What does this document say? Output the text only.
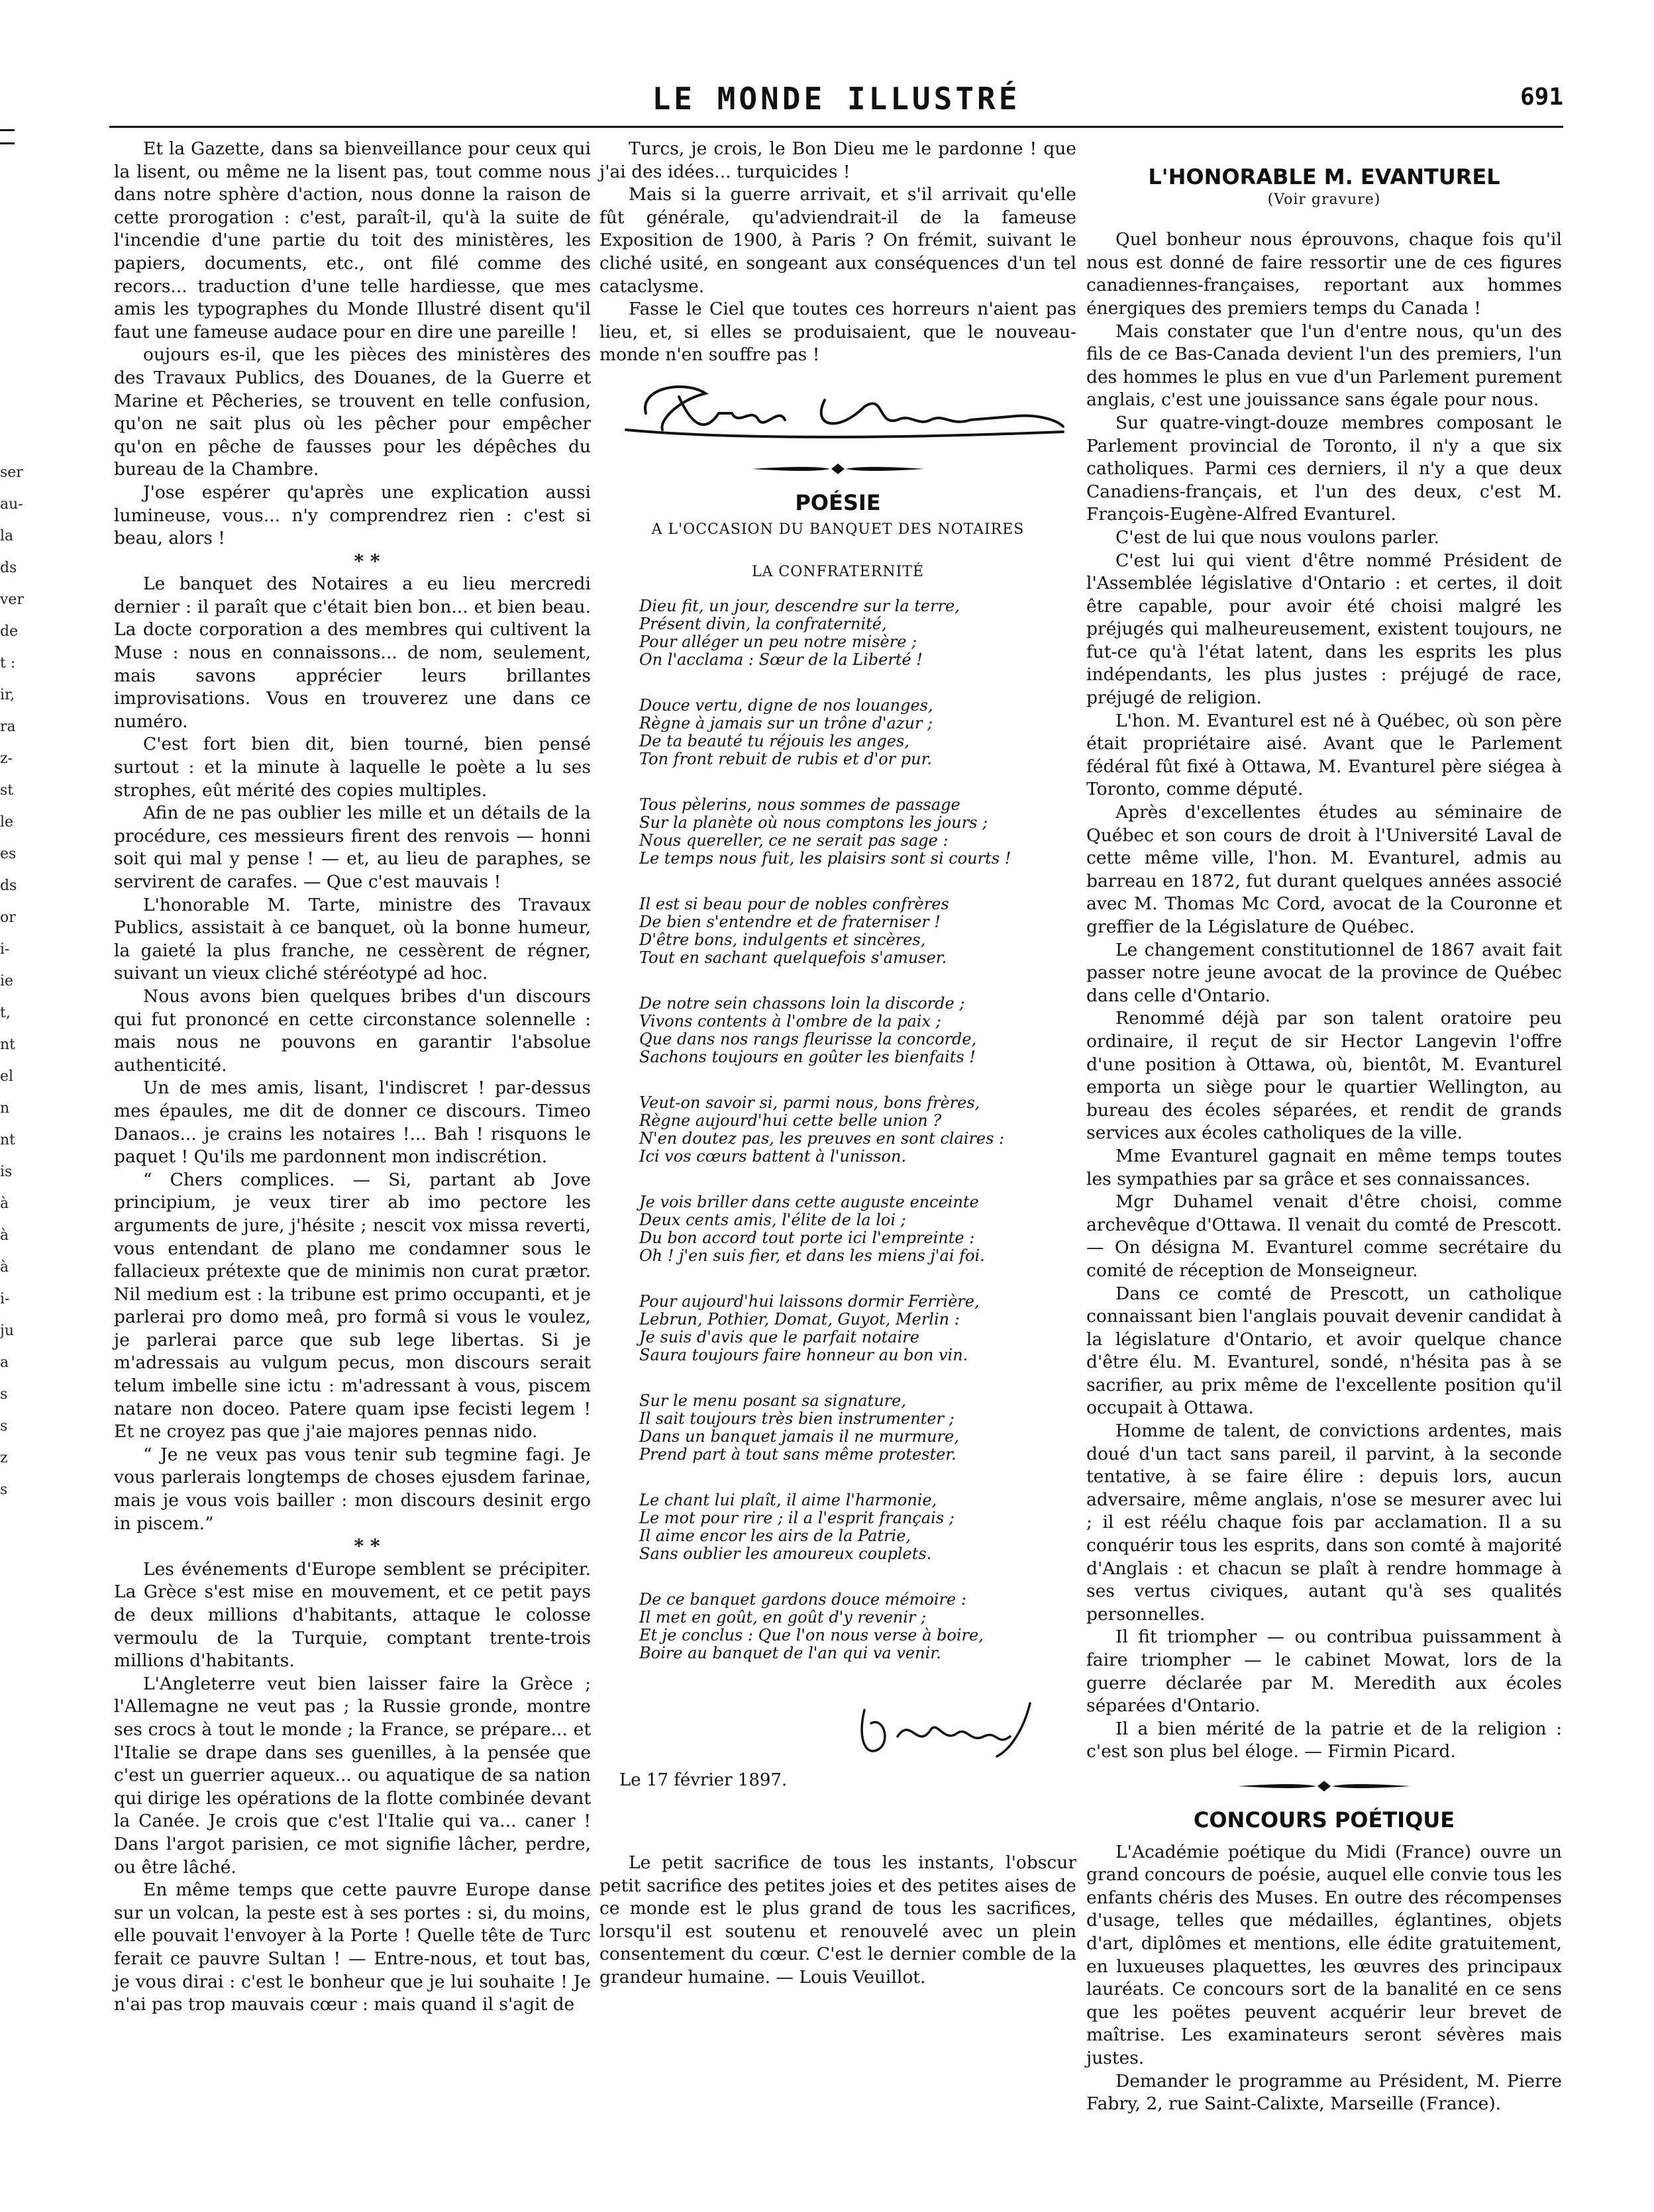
ser
au-
la
ds
ver
de
t :
ir,
ra
z-
st
le
es
ds
or
i-
ie
t,
nt
el
n
nt
is
à
à
à
i-
ju
a
s
s
z
s
LE MONDE ILLUSTRÉ	691

Et la Gazette, dans sa bienveillance pour ceux qui la lisent, ou même ne la lisent pas, tout comme nous dans notre sphère d'action, nous donne la raison de cette prorogation : c'est, paraît-il, qu'à la suite de l'incendie d'une partie du toit des ministères, les papiers, documents, etc., ont filé comme des recors... traduction d'une telle hardiesse, que mes amis les typographes du Monde Illustré disent qu'il faut une fameuse audace pour en dire une pareille !

oujours es-il, que les pièces des ministères des des Travaux Publics, des Douanes, de la Guerre et Marine et Pêcheries, se trouvent en telle confusion, qu'on ne sait plus où les pêcher pour empêcher qu'on en pêche de fausses pour les dépêches du bureau de la Chambre.

J'ose espérer qu'après une explication aussi lumineuse, vous... n'y comprendrez rien : c'est si beau, alors !

* *

Le banquet des Notaires a eu lieu mercredi dernier : il paraît que c'était bien bon... et bien beau. La docte corporation a des membres qui cultivent la Muse : nous en connaissons... de nom, seulement, mais savons apprécier leurs brillantes improvisations. Vous en trouverez une dans ce numéro.

C'est fort bien dit, bien tourné, bien pensé surtout : et la minute à laquelle le poète a lu ses strophes, eût mérité des copies multiples.

Afin de ne pas oublier les mille et un détails de la procédure, ces messieurs firent des renvois — honni soit qui mal y pense ! — et, au lieu de paraphes, se servirent de carafes. — Que c'est mauvais !

L'honorable M. Tarte, ministre des Travaux Publics, assistait à ce banquet, où la bonne humeur, la gaieté la plus franche, ne cessèrent de régner, suivant un vieux cliché stéréotypé ad hoc.

Nous avons bien quelques bribes d'un discours qui fut prononcé en cette circonstance solennelle : mais nous ne pouvons en garantir l'absolue authenticité.

Un de mes amis, lisant, l'indiscret ! par-dessus mes épaules, me dit de donner ce discours. Timeo Danaos... je crains les notaires !... Bah ! risquons le paquet ! Qu'ils me pardonnent mon indiscrétion.

“ Chers complices. — Si, partant ab Jove principium, je veux tirer ab imo pectore les arguments de jure, j'hésite ; nescit vox missa reverti, vous entendant de plano me condamner sous le fallacieux prétexte que de minimis non curat prætor. Nil medium est : la tribune est primo occupanti, et je parlerai pro domo meâ, pro formâ si vous le voulez, je parlerai parce que sub lege libertas. Si je m'adressais au vulgum pecus, mon discours serait telum imbelle sine ictu : m'adressant à vous, piscem natare non doceo. Patere quam ipse fecisti legem ! Et ne croyez pas que j'aie majores pennas nido.

“ Je ne veux pas vous tenir sub tegmine fagi. Je vous parlerais longtemps de choses ejusdem farinae, mais je vous vois bailler : mon discours desinit ergo in piscem.”

* *

Les événements d'Europe semblent se précipiter. La Grèce s'est mise en mouvement, et ce petit pays de deux millions d'habitants, attaque le colosse vermoulu de la Turquie, comptant trente-trois millions d'habitants.

L'Angleterre veut bien laisser faire la Grèce ; l'Allemagne ne veut pas ; la Russie gronde, montre ses crocs à tout le monde ; la France, se prépare... et l'Italie se drape dans ses guenilles, à la pensée que c'est un guerrier aqueux... ou aquatique de sa nation qui dirige les opérations de la flotte combinée devant la Canée. Je crois que c'est l'Italie qui va... caner ! Dans l'argot parisien, ce mot signifie lâcher, perdre, ou être lâché.

En même temps que cette pauvre Europe danse sur un volcan, la peste est à ses portes : si, du moins, elle pouvait l'envoyer à la Porte ! Quelle tête de Turc ferait ce pauvre Sultan ! — Entre-nous, et tout bas, je vous dirai : c'est le bonheur que je lui souhaite ! Je n'ai pas trop mauvais cœur : mais quand il s'agit de

Turcs, je crois, le Bon Dieu me le pardonne ! que j'ai des idées... turquicides !

Mais si la guerre arrivait, et s'il arrivait qu'elle fût générale, qu'adviendrait-il de la fameuse Exposition de 1900, à Paris ? On frémit, suivant le cliché usité, en songeant aux conséquences d'un tel cataclysme.

Fasse le Ciel que toutes ces horreurs n'aient pas lieu, et, si elles se produisaient, que le nouveau-monde n'en souffre pas !

POÉSIE
A L'OCCASION DU BANQUET DES NOTAIRES
LA CONFRATERNITÉ
Dieu fit, un jour, descendre sur la terre,
Présent divin, la confraternité,
Pour alléger un peu notre misère ;
On l'acclama : Sœur de la Liberté !
Douce vertu, digne de nos louanges,
Règne à jamais sur un trône d'azur ;
De ta beauté tu réjouis les anges,
Ton front rebuit de rubis et d'or pur.
Tous pèlerins, nous sommes de passage
Sur la planète où nous comptons les jours ;
Nous quereller, ce ne serait pas sage :
Le temps nous fuit, les plaisirs sont si courts !
Il est si beau pour de nobles confrères
De bien s'entendre et de fraterniser !
D'être bons, indulgents et sincères,
Tout en sachant quelquefois s'amuser.
De notre sein chassons loin la discorde ;
Vivons contents à l'ombre de la paix ;
Que dans nos rangs fleurisse la concorde,
Sachons toujours en goûter les bienfaits !
Veut-on savoir si, parmi nous, bons frères,
Règne aujourd'hui cette belle union ?
N'en doutez pas, les preuves en sont claires :
Ici vos cœurs battent à l'unisson.
Je vois briller dans cette auguste enceinte
Deux cents amis, l'élite de la loi ;
Du bon accord tout porte ici l'empreinte :
Oh ! j'en suis fier, et dans les miens j'ai foi.
Pour aujourd'hui laissons dormir Ferrière,
Lebrun, Pothier, Domat, Guyot, Merlin :
Je suis d'avis que le parfait notaire
Saura toujours faire honneur au bon vin.
Sur le menu posant sa signature,
Il sait toujours très bien instrumenter ;
Dans un banquet jamais il ne murmure,
Prend part à tout sans même protester.
Le chant lui plaît, il aime l'harmonie,
Le mot pour rire ; il a l'esprit français ;
Il aime encor les airs de la Patrie,
Sans oublier les amoureux couplets.
De ce banquet gardons douce mémoire :
Il met en goût, en goût d'y revenir ;
Et je conclus : Que l'on nous verse à boire,
Boire au banquet de l'an qui va venir.
Le 17 février 1897.

Le petit sacrifice de tous les instants, l'obscur petit sacrifice des petites joies et des petites aises de ce monde est le plus grand de tous les sacrifices, lorsqu'il est soutenu et renouvelé avec un plein consentement du cœur. C'est le dernier comble de la grandeur humaine. — Louis Veuillot.

L'HONORABLE M. EVANTUREL
(Voir gravure)

Quel bonheur nous éprouvons, chaque fois qu'il nous est donné de faire ressortir une de ces figures canadiennes-françaises, reportant aux hommes énergiques des premiers temps du Canada !

Mais constater que l'un d'entre nous, qu'un des fils de ce Bas-Canada devient l'un des premiers, l'un des hommes le plus en vue d'un Parlement purement anglais, c'est une jouissance sans égale pour nous.

Sur quatre-vingt-douze membres composant le Parlement provincial de Toronto, il n'y a que six catholiques. Parmi ces derniers, il n'y a que deux Canadiens-français, et l'un des deux, c'est M. François-Eugène-Alfred Evanturel.

C'est de lui que nous voulons parler.

C'est lui qui vient d'être nommé Président de l'Assemblée législative d'Ontario : et certes, il doit être capable, pour avoir été choisi malgré les préjugés qui malheureusement, existent toujours, ne fut-ce qu'à l'état latent, dans les esprits les plus indépendants, les plus justes : préjugé de race, préjugé de religion.

L'hon. M. Evanturel est né à Québec, où son père était propriétaire aisé. Avant que le Parlement fédéral fût fixé à Ottawa, M. Evanturel père siégea à Toronto, comme député.

Après d'excellentes études au séminaire de Québec et son cours de droit à l'Université Laval de cette même ville, l'hon. M. Evanturel, admis au barreau en 1872, fut durant quelques années associé avec M. Thomas Mc Cord, avocat de la Couronne et greffier de la Législature de Québec.

Le changement constitutionnel de 1867 avait fait passer notre jeune avocat de la province de Québec dans celle d'Ontario.

Renommé déjà par son talent oratoire peu ordinaire, il reçut de sir Hector Langevin l'offre d'une position à Ottawa, où, bientôt, M. Evanturel emporta un siège pour le quartier Wellington, au bureau des écoles séparées, et rendit de grands services aux écoles catholiques de la ville.

Mme Evanturel gagnait en même temps toutes les sympathies par sa grâce et ses connaissances.

Mgr Duhamel venait d'être choisi, comme archevêque d'Ottawa. Il venait du comté de Prescott. — On désigna M. Evanturel comme secrétaire du comité de réception de Monseigneur.

Dans ce comté de Prescott, un catholique connaissant bien l'anglais pouvait devenir candidat à la législature d'Ontario, et avoir quelque chance d'être élu. M. Evanturel, sondé, n'hésita pas à se sacrifier, au prix même de l'excellente position qu'il occupait à Ottawa.

Homme de talent, de convictions ardentes, mais doué d'un tact sans pareil, il parvint, à la seconde tentative, à se faire élire : depuis lors, aucun adversaire, même anglais, n'ose se mesurer avec lui ; il est réélu chaque fois par acclamation. Il a su conquérir tous les esprits, dans son comté à majorité d'Anglais : et chacun se plaît à rendre hommage à ses vertus civiques, autant qu'à ses qualités personnelles.

Il fit triompher — ou contribua puissamment à faire triompher — le cabinet Mowat, lors de la guerre déclarée par M. Meredith aux écoles séparées d'Ontario.

Il a bien mérité de la patrie et de la religion : c'est son plus bel éloge. — Firmin Picard.

CONCOURS POÉTIQUE

L'Académie poétique du Midi (France) ouvre un grand concours de poésie, auquel elle convie tous les enfants chéris des Muses. En outre des récompenses d'usage, telles que médailles, églantines, objets d'art, diplômes et mentions, elle édite gratuitement, en luxueuses plaquettes, les œuvres des principaux lauréats. Ce concours sort de la banalité en ce sens que les poëtes peuvent acquérir leur brevet de maîtrise. Les examinateurs seront sévères mais justes.

Demander le programme au Président, M. Pierre Fabry, 2, rue Saint-Calixte, Marseille (France).
